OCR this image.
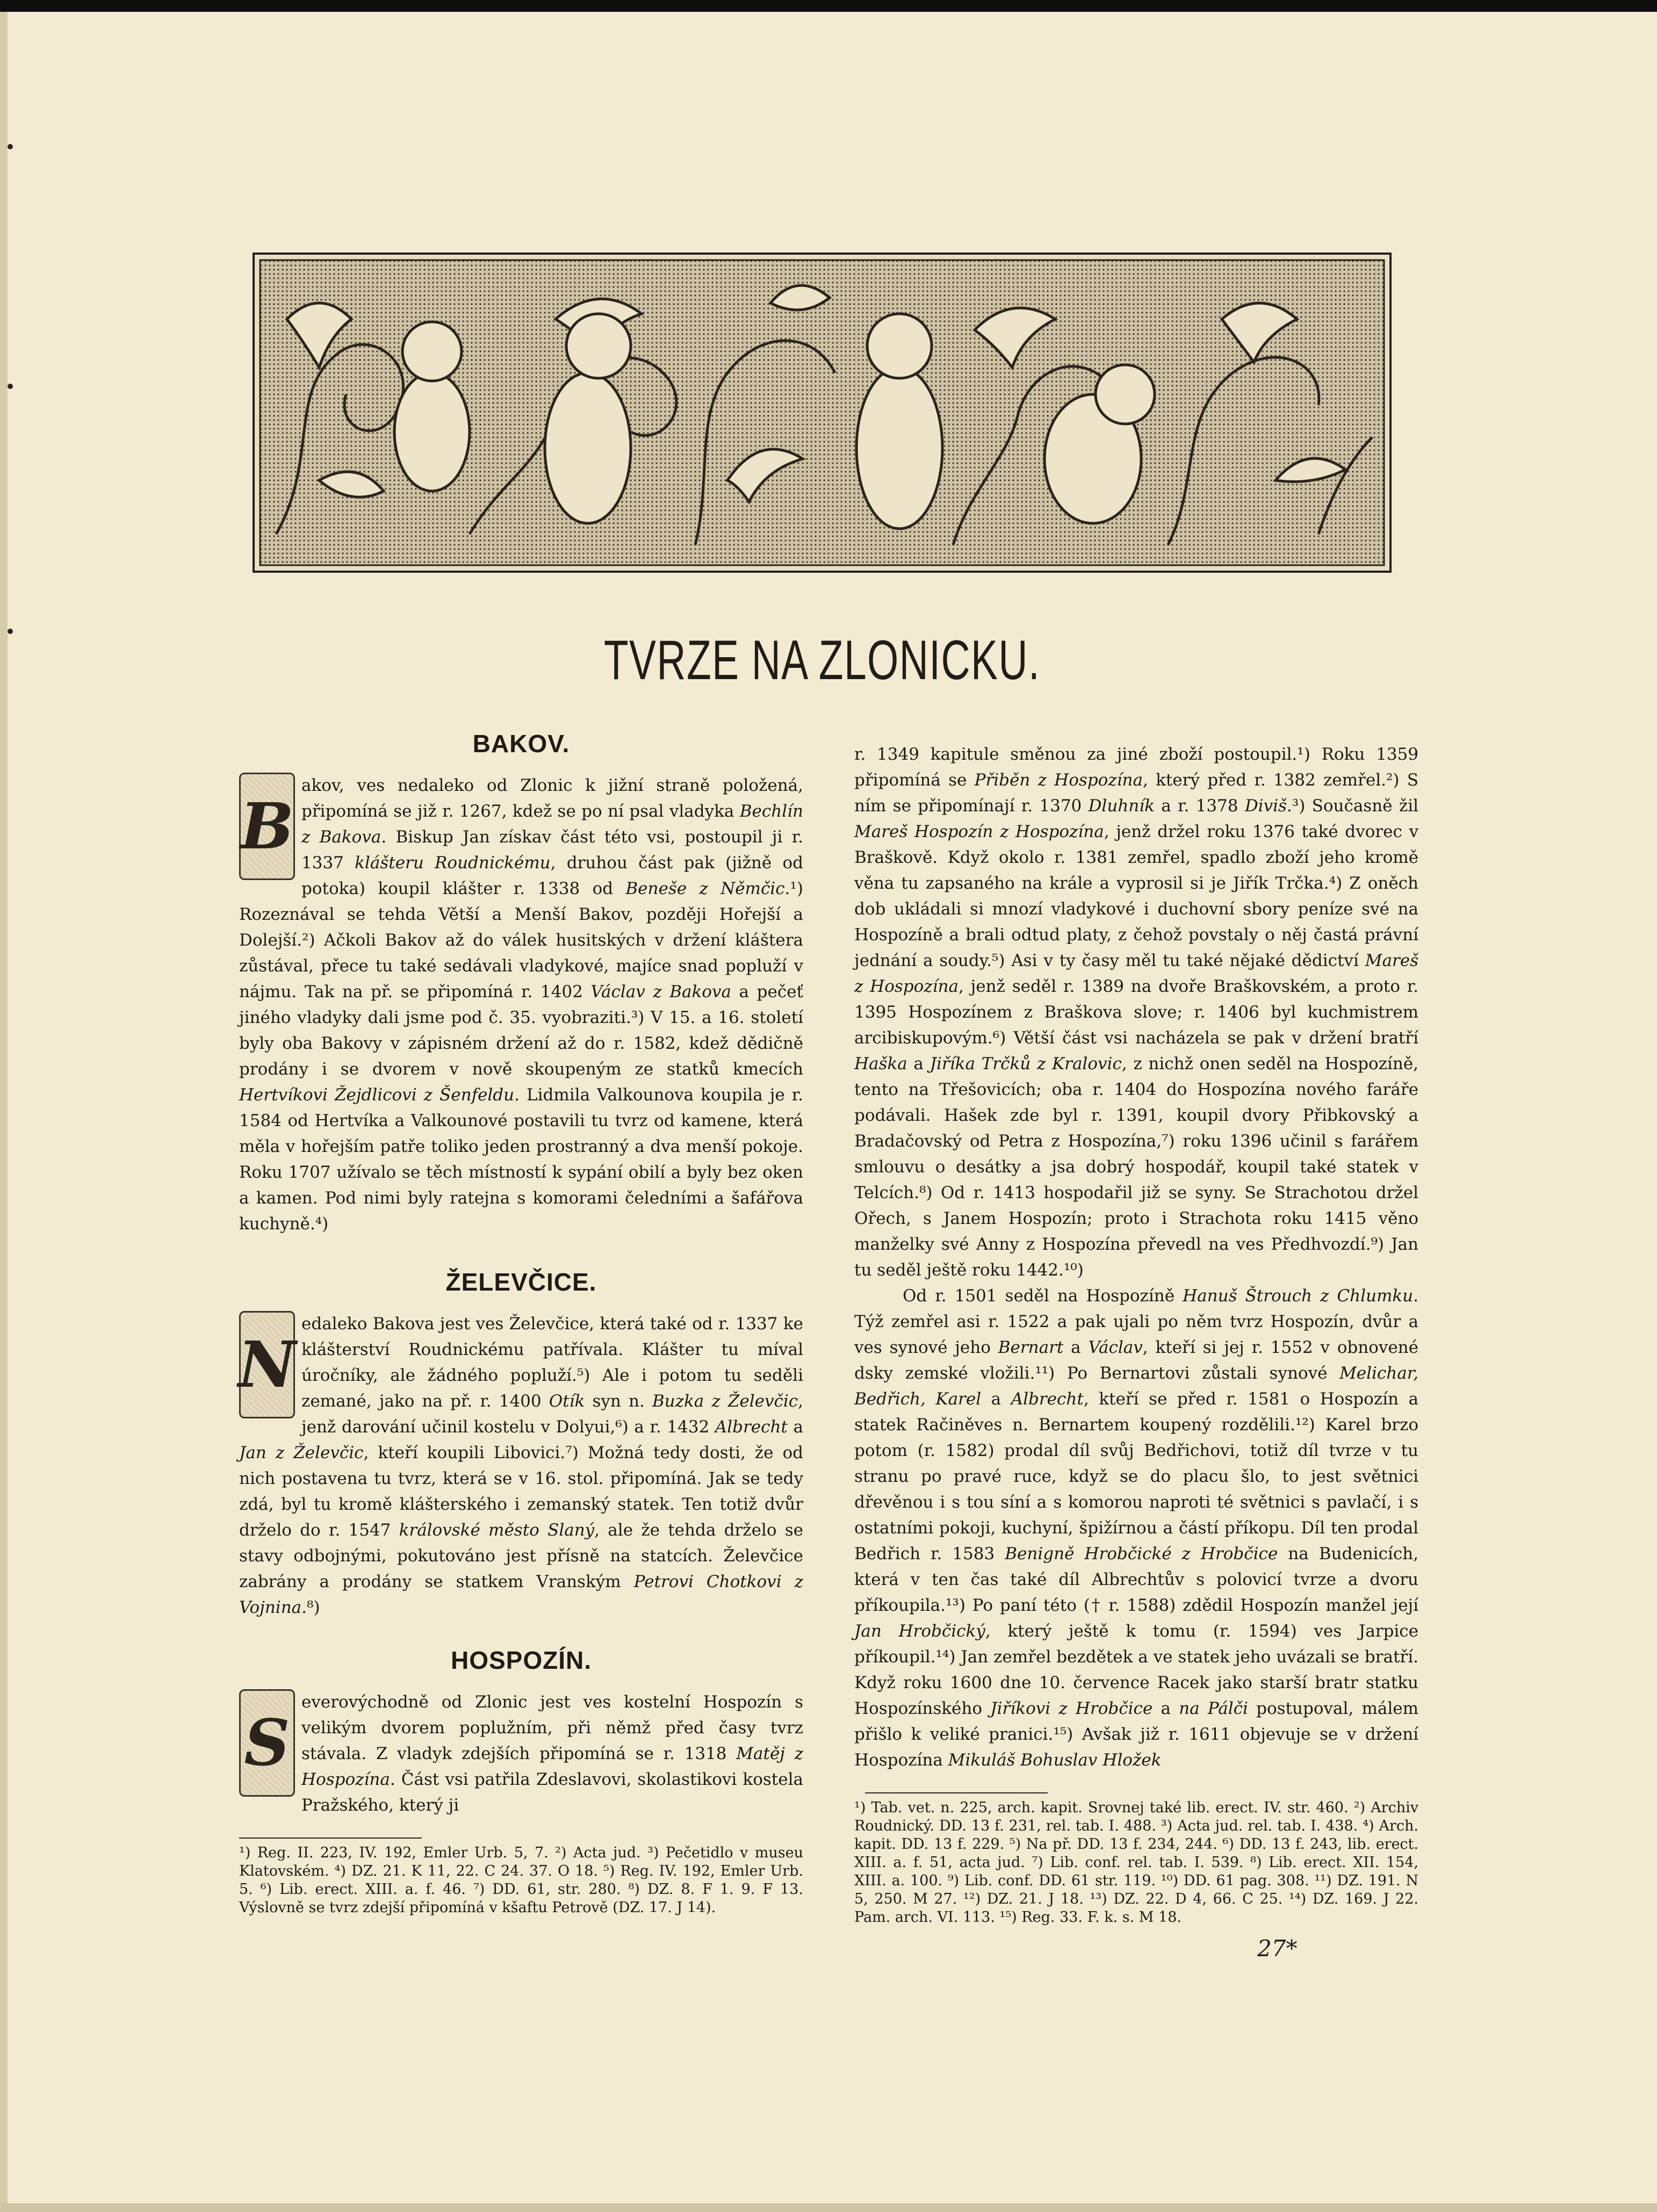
TVRZE NA ZLONICKU.
BAKOV.

B
akov, ves nedaleko od Zlonic k jižní straně položená, připomíná se již r. 1267, kdež se po ní psal vladyka Bechlín z Bakova. Biskup Jan získav část této vsi, postoupil ji r. 1337 klášteru Roudnickému, druhou část pak (jižně od potoka) koupil klášter r. 1338 od Beneše z Němčic.¹) Rozeznával se tehda Větší a Menší Bakov, později Hořejší a Dolejší.²) Ačkoli Bakov až do válek husitských v držení kláštera zůstával, přece tu také sedávali vladykové, majíce snad popluží v nájmu. Tak na př. se připomíná r. 1402 Václav z Bakova a pečeť jiného vladyky dali jsme pod č. 35. vyobraziti.³) V 15. a 16. století byly oba Bakovy v zápisném držení až do r. 1582, kdež dědičně prodány i se dvorem v nově skoupeným ze statků kmecích Hertvíkovi Žejdlicovi z Šenfeldu. Lidmila Valkounova koupila je r. 1584 od Hertvíka a Valkounové postavili tu tvrz od kamene, která měla v hořejším patře toliko jeden prostranný a dva menší pokoje. Roku 1707 užívalo se těch místností k sypání obilí a byly bez oken a kamen. Pod nimi byly ratejna s komorami čeledními a šafářova kuchyně.⁴)

ŽELEVČICE.

N
edaleko Bakova jest ves Želevčice, která také od r. 1337 ke klášterství Roudnickému patřívala. Klášter tu míval úročníky, ale žádného popluží.⁵) Ale i potom tu seděli zemané, jako na př. r. 1400 Otík syn n. Buzka z Želevčic, jenž darování učinil kostelu v Dolyui,⁶) a r. 1432 Albrecht a Jan z Želevčic, kteří koupili Libovici.⁷) Možná tedy dosti, že od nich postavena tu tvrz, která se v 16. stol. připomíná. Jak se tedy zdá, byl tu kromě klášterského i zemanský statek. Ten totiž dvůr drželo do r. 1547 královské město Slaný, ale že tehda drželo se stavy odbojnými, pokutováno jest přísně na statcích. Želevčice zabrány a prodány se statkem Vranským Petrovi Chotkovi z Vojnina.⁸)

HOSPOZÍN.

S
everovýchodně od Zlonic jest ves kostelní Hospozín s velikým dvorem poplužním, při němž před časy tvrz stávala. Z vladyk zdejších připomíná se r. 1318 Matěj z Hospozína. Část vsi patřila Zdeslavovi, skolastikovi kostela Pražského, který ji

¹) Reg. II. 223, IV. 192, Emler Urb. 5, 7. ²) Acta jud. ³) Pečetidlo v museu Klatovském. ⁴) DZ. 21. K 11, 22. C 24. 37. O 18. ⁵) Reg. IV. 192, Emler Urb. 5. ⁶) Lib. erect. XIII. a. f. 46. ⁷) DD. 61, str. 280. ⁸) DZ. 8. F 1. 9. F 13. Výslovně se tvrz zdejší připomíná v kšaftu Petrově (DZ. 17. J 14).

r. 1349 kapitule směnou za jiné zboží postoupil.¹) Roku 1359 připomíná se Přiběn z Hospozína, který před r. 1382 zemřel.²) S ním se připomínají r. 1370 Dluhník a r. 1378 Diviš.³) Současně žil Mareš Hospozín z Hospozína, jenž držel roku 1376 také dvorec v Braškově. Když okolo r. 1381 zemřel, spadlo zboží jeho kromě věna tu zapsaného na krále a vyprosil si je Jiřík Trčka.⁴) Z oněch dob ukládali si mnozí vladykové i duchovní sbory peníze své na Hospozíně a brali odtud platy, z čehož povstaly o něj častá právní jednání a soudy.⁵) Asi v ty časy měl tu také nějaké dědictví Mareš z Hospozína, jenž seděl r. 1389 na dvoře Braškovském, a proto r. 1395 Hospozínem z Braškova slove; r. 1406 byl kuchmistrem arcibiskupovým.⁶) Větší část vsi nacházela se pak v držení bratří Haška a Jiříka Trčků z Kralovic, z nichž onen seděl na Hospozíně, tento na Třešovicích; oba r. 1404 do Hospozína nového faráře podávali. Hašek zde byl r. 1391, koupil dvory Přibkovský a Bradačovský od Petra z Hospozína,⁷) roku 1396 učinil s farářem smlouvu o desátky a jsa dobrý hospodář, koupil také statek v Telcích.⁸) Od r. 1413 hospodařil již se syny. Se Strachotou držel Ořech, s Janem Hospozín; proto i Strachota roku 1415 věno manželky své Anny z Hospozína převedl na ves Předhvozdí.⁹) Jan tu seděl ještě roku 1442.¹⁰)

Od r. 1501 seděl na Hospozíně Hanuš Štrouch z Chlumku. Týž zemřel asi r. 1522 a pak ujali po něm tvrz Hospozín, dvůr a ves synové jeho Bernart a Václav, kteří si jej r. 1552 v obnovené dsky zemské vložili.¹¹) Po Bernartovi zůstali synové Melichar, Bedřich, Karel a Albrecht, kteří se před r. 1581 o Hospozín a statek Račiněves n. Bernartem koupený rozdělili.¹²) Karel brzo potom (r. 1582) prodal díl svůj Bedřichovi, totiž díl tvrze v tu stranu po pravé ruce, když se do placu šlo, to jest světnici dřevěnou i s tou síní a s komorou naproti té světnici s pavlačí, i s ostatními pokoji, kuchyní, špižírnou a částí příkopu. Díl ten prodal Bedřich r. 1583 Benigně Hrobčické z Hrobčice na Budenicích, která v ten čas také díl Albrechtův s polovicí tvrze a dvoru příkoupila.¹³) Po paní této († r. 1588) zdědil Hospozín manžel její Jan Hrobčický, který ještě k tomu (r. 1594) ves Jarpice příkoupil.¹⁴) Jan zemřel bezdětek a ve statek jeho uvázali se bratří. Když roku 1600 dne 10. července Racek jako starší bratr statku Hospozínského Jiříkovi z Hrobčice a na Pálči postupoval, málem přišlo k veliké pranici.¹⁵) Avšak již r. 1611 objevuje se v držení Hospozína Mikuláš Bohuslav Hložek

¹) Tab. vet. n. 225, arch. kapit. Srovnej také lib. erect. IV. str. 460. ²) Archiv Roudnický. DD. 13 f. 231, rel. tab. I. 488. ³) Acta jud. rel. tab. I. 438. ⁴) Arch. kapit. DD. 13 f. 229. ⁵) Na př. DD. 13 f. 234, 244. ⁶) DD. 13 f. 243, lib. erect. XIII. a. f. 51, acta jud. ⁷) Lib. conf. rel. tab. I. 539. ⁸) Lib. erect. XII. 154, XIII. a. 100. ⁹) Lib. conf. DD. 61 str. 119. ¹⁰) DD. 61 pag. 308. ¹¹) DZ. 191. N 5, 250. M 27. ¹²) DZ. 21. J 18. ¹³) DZ. 22. D 4, 66. C 25. ¹⁴) DZ. 169. J 22. Pam. arch. VI. 113. ¹⁵) Reg. 33. F. k. s. M 18.
27*
